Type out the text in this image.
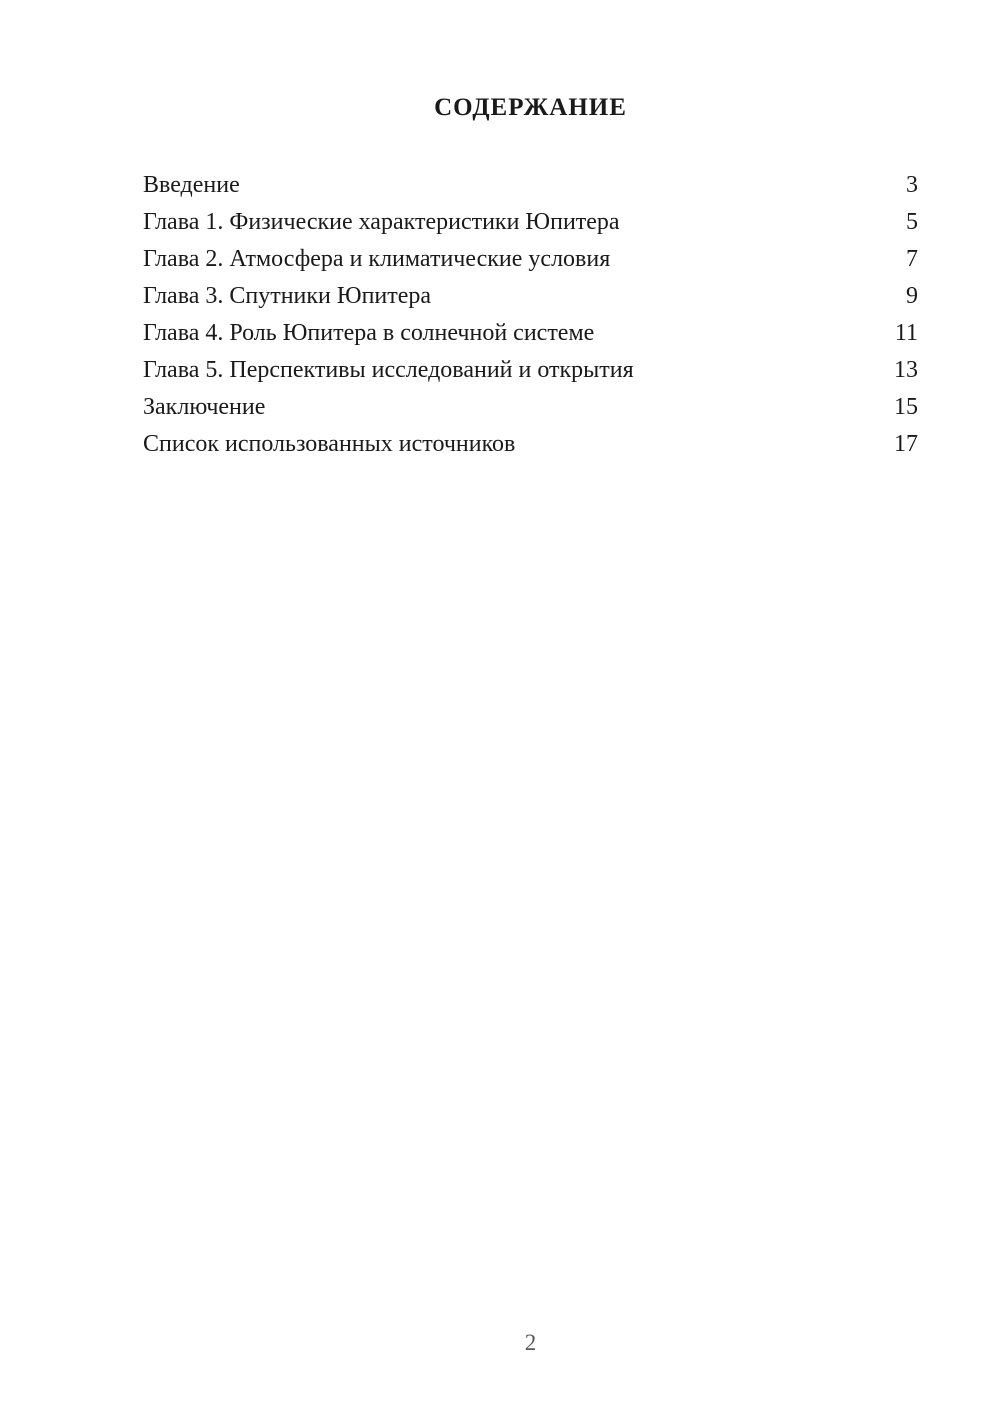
СОДЕРЖАНИЕ
Введение	3
Глава 1. Физические характеристики Юпитера	5
Глава 2. Атмосфера и климатические условия	7
Глава 3. Спутники Юпитера	9
Глава 4. Роль Юпитера в солнечной системе	11
Глава 5. Перспективы исследований и открытия	13
Заключение	15
Список использованных источников	17
2
